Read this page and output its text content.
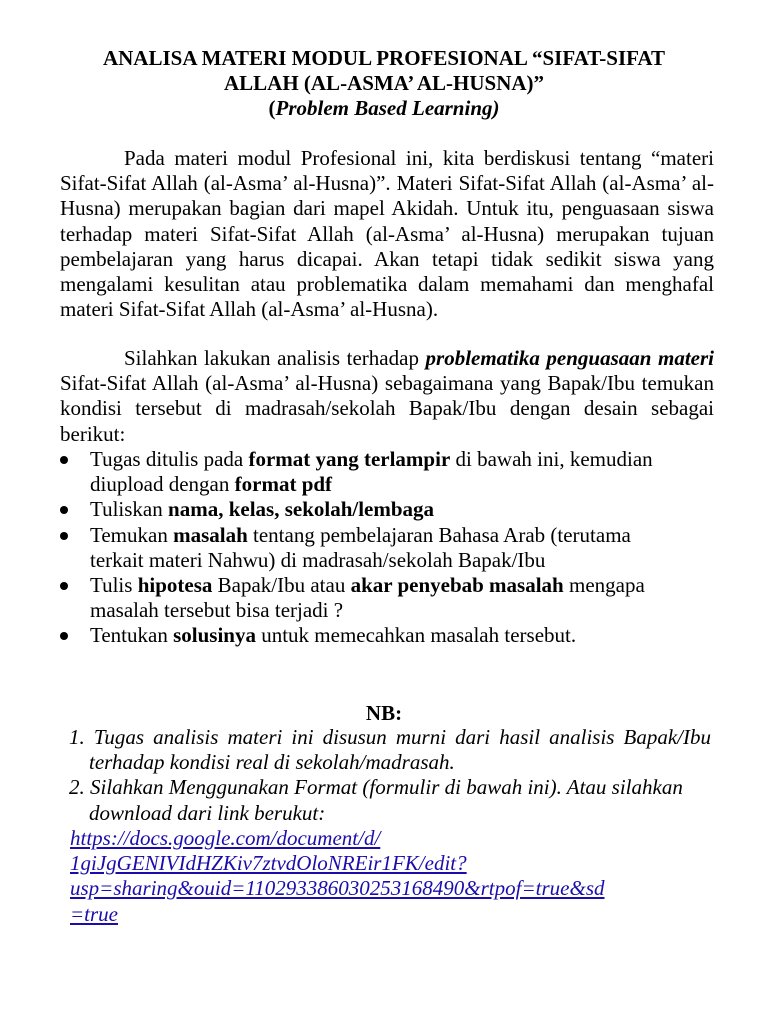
ANALISA MATERI MODUL PROFESIONAL “SIFAT-SIFAT
ALLAH (AL-ASMA’ AL-HUSNA)”
(Problem Based Learning)

Pada materi modul Profesional ini, kita berdiskusi tentang “materi Sifat-Sifat Allah (al-Asma’ al-Husna)”. Materi Sifat-Sifat Allah (al-Asma’ al-Husna) merupakan bagian dari mapel Akidah. Untuk itu, penguasaan siswa terhadap materi Sifat-Sifat Allah (al-Asma’ al-Husna) merupakan tujuan pembelajaran yang harus dicapai. Akan tetapi tidak sedikit siswa yang mengalami kesulitan atau problematika dalam memahami dan menghafal materi Sifat-Sifat Allah (al-Asma’ al-Husna).

Silahkan lakukan analisis terhadap problematika penguasaan materi Sifat-Sifat Allah (al-Asma’ al-Husna) sebagaimana yang Bapak/Ibu temukan kondisi tersebut di madrasah/sekolah Bapak/Ibu dengan desain sebagai berikut:

Tugas ditulis pada format yang terlampir di bawah ini, kemudian diupload dengan format pdf
Tuliskan nama, kelas, sekolah/lembaga
Temukan masalah tentang pembelajaran Bahasa Arab (terutama terkait materi Nahwu) di madrasah/sekolah Bapak/Ibu
Tulis hipotesa Bapak/Ibu atau akar penyebab masalah mengapa masalah tersebut bisa terjadi ?
Tentukan solusinya untuk memecahkan masalah tersebut.
NB:
1. Tugas analisis materi ini disusun murni dari hasil analisis Bapak/Ibu terhadap kondisi real di sekolah/madrasah.
2. Silahkan Menggunakan Format (formulir di bawah ini). Atau silahkan download dari link berukut:
https://docs.google.com/document/d/
1giJgGENIVIdHZKiv7ztvdOloNREir1FK/edit?
usp=sharing&ouid=110293386030253168490&rtpof=true&sd
=true
